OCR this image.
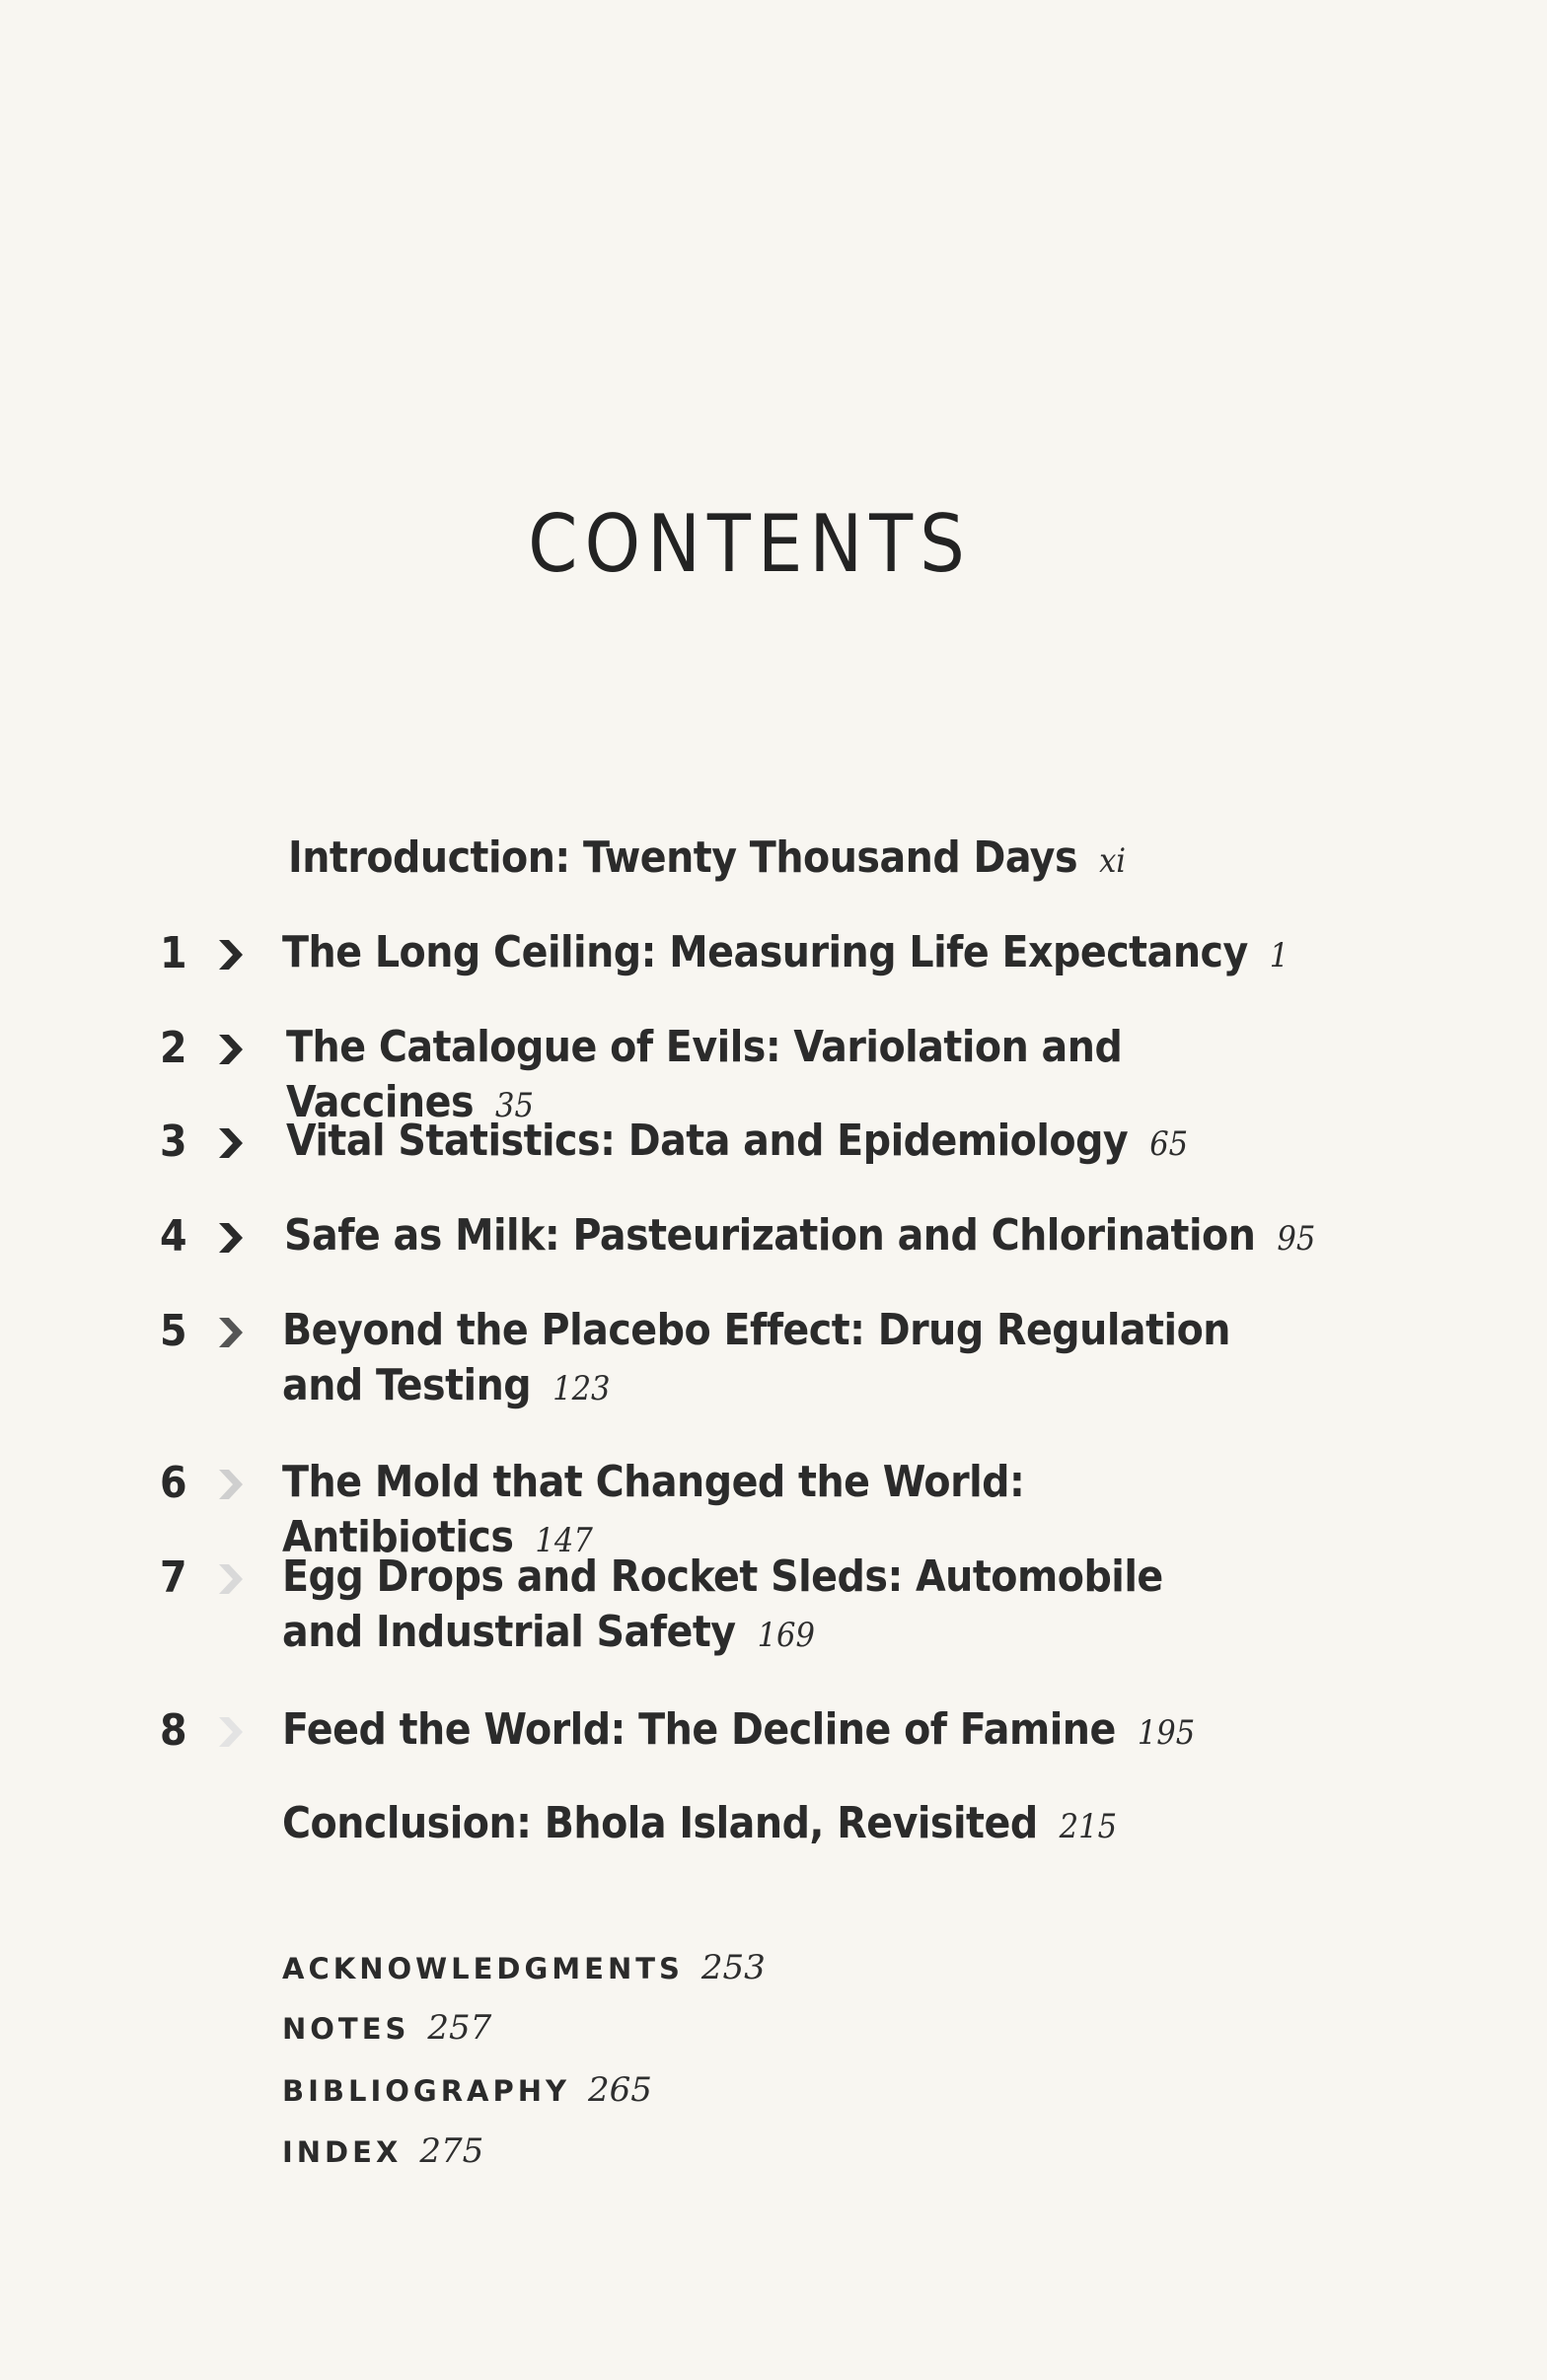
CONTENTS
Introduction: Twenty Thousand Days xi
1 The Long Ceiling: Measuring Life Expectancy 1
2 The Catalogue of Evils: Variolation and Vaccines 35
3 Vital Statistics: Data and Epidemiology 65
4 Safe as Milk: Pasteurization and Chlorination 95
5 Beyond the Placebo Effect: Drug Regulation
and Testing 123
6 The Mold that Changed the World: Antibiotics 147
7 Egg Drops and Rocket Sleds: Automobile
and Industrial Safety 169
8 Feed the World: The Decline of Famine 195
Conclusion: Bhola Island, Revisited 215
ACKNOWLEDGMENTS 253
NOTES 257
BIBLIOGRAPHY 265
INDEX 275
